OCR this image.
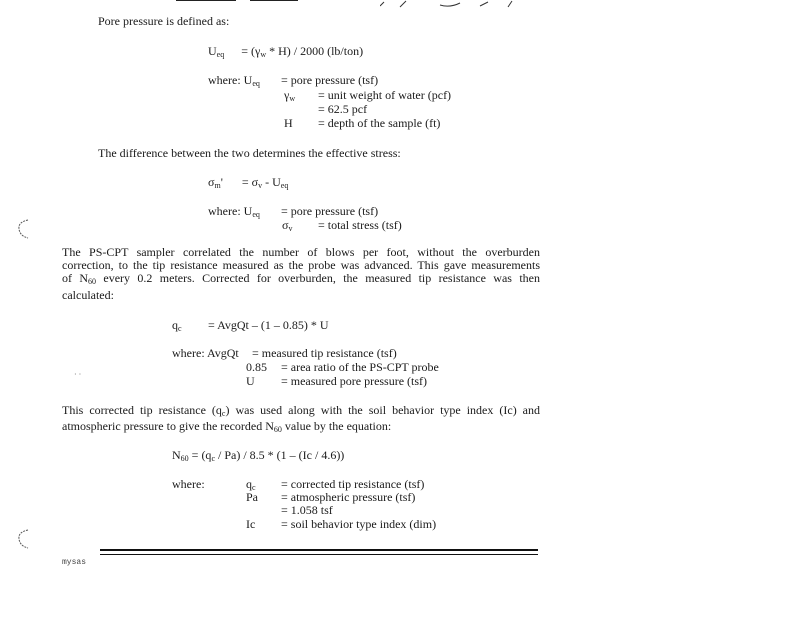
Pore pressure is defined as:
$U_{eq} = (\gamma_w * H) / 2000$ (lb/ton)
where: $U_{eq}$ = pore pressure (tsf)
$\gamma_w$ = unit weight of water (pcf)
= 62.5 pcf
H = depth of the sample (ft)
The difference between the two determines the effective stress:
$\sigma_m' = \sigma_v - U_{eq}$
where: $U_{eq}$ = pore pressure (tsf)
$\sigma_v$ = total stress (tsf)
The PS-CPT sampler correlated the number of blows per foot, without the overburden
correction, to the tip resistance measured as the probe was advanced. This gave measurements
of $N_{60}$ every 0.2 meters. Corrected for overburden, the measured tip resistance was then
calculated:
$q_c$ = AvgQt – (1 – 0.85) * U
where: AvgQt = measured tip resistance (tsf)
0.85 = area ratio of the PS-CPT probe
U = measured pore pressure (tsf)
· ·
This corrected tip resistance $(q_c)$ was used along with the soil behavior type index (Ic) and
atmospheric pressure to give the recorded $N_{60}$ value by the equation:
$N_{60} = (q_c / Pa) / 8.5 * (1 - (Ic / 4.6))$
where:	$q_c$ = corrected tip resistance (tsf)
Pa = atmospheric pressure (tsf)
= 1.058 tsf
Ic = soil behavior type index (dim)
mysas
